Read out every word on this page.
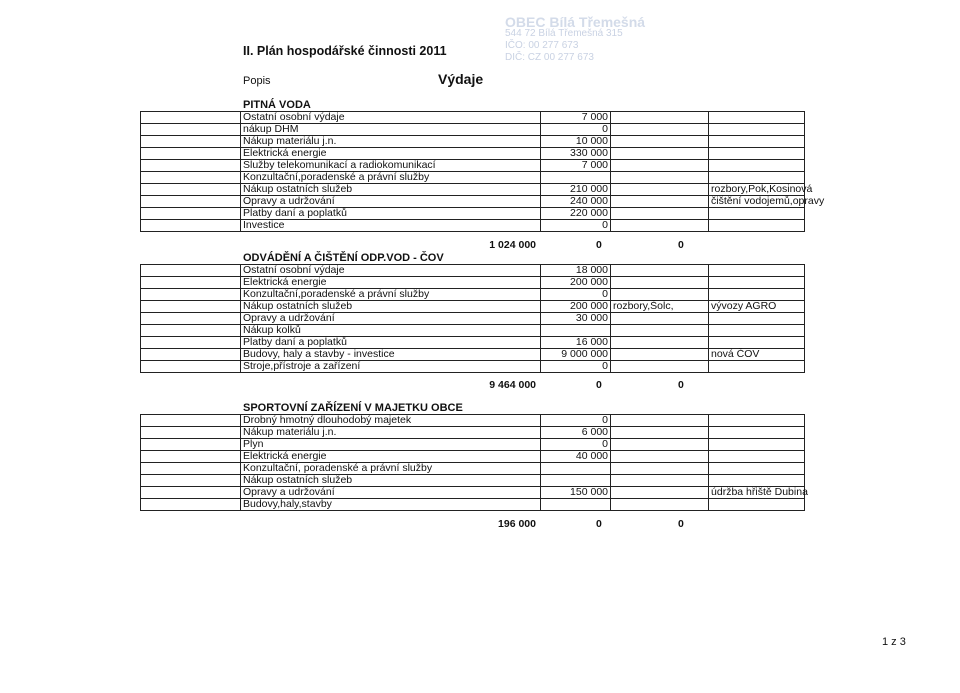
II. Plán hospodářské činnosti 2011
Popis	Výdaje
OBEC Bílá Třemešná
544 72 Bílá Třemešná 315
IČO: 00 277 673
DIČ: CZ 00 277 673
PITNÁ VODA
	Ostatní osobní výdaje	7 000		
	nákup DHM	0		
	Nákup materiálu j.n.	10 000		
	Elektrická energie	330 000		
	Služby telekomunikací a radiokomunikací	7 000		
	Konzultační,poradenské a právní služby			
	Nákup ostatních služeb	210 000		rozbory,Pok,Kosinová
	Opravy a udržování	240 000		čištění vodojemů,opravy
	Platby daní a poplatků	220 000		
	Investice	0		
1 024 000	0	0
ODVÁDĚNÍ A ČIŠTĚNÍ ODP.VOD - ČOV
	Ostatní osobní výdaje	18 000		
	Elektrická energie	200 000		
	Konzultační,poradenské a právní služby	0		
	Nákup ostatních služeb	200 000	rozbory,Šolc,	vývozy AGRO
	Opravy a udržování	30 000		
	Nákup kolků			
	Platby daní a poplatků	16 000		
	Budovy, haly a stavby - investice	9 000 000		nová ČOV
	Stroje,přístroje a zařízení	0		
9 464 000	0	0
SPORTOVNÍ ZAŘÍZENÍ V MAJETKU OBCE
	Drobný hmotný dlouhodobý majetek	0		
	Nákup materiálu j.n.	6 000		
	Plyn	0		
	Elektrická energie	40 000		
	Konzultační, poradenské a právní služby			
	Nákup ostatních služeb			
	Opravy a udržování	150 000		údržba hřiště Dubina
	Budovy,haly,stavby			
196 000	0	0
1 z 3
